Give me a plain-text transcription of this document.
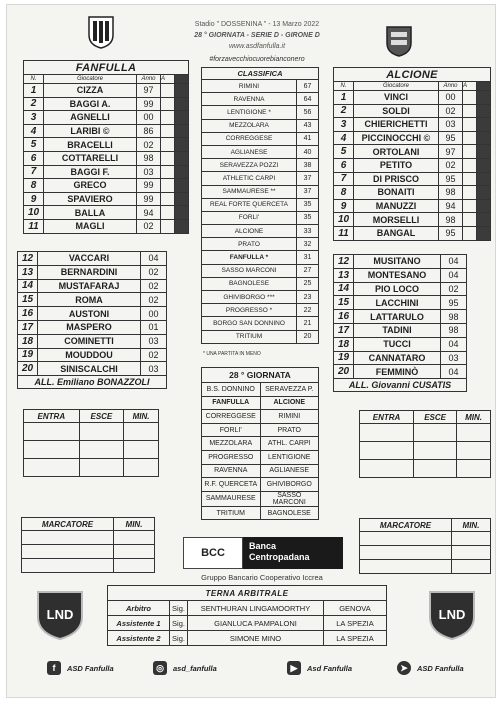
Stadio " DOSSENINA " - 13 Marzo 2022
28 ° GIORNATA - SERIE D - GIRONE D
www.asdfanfulla.it
#forzavecchiocuorebianconero
FANFULLA				
N.	Giocatore	Anno	A	
1	CIZZA	97		
2	BAGGI A.	99		
3	AGNELLI	00		
4	LARIBI ©	86		
5	BRACELLI	02		
6	COTTARELLI	98		
7	BAGGI F.	03		
8	GRECO	99		
9	SPAVIERO	99		
10	BALLA	94		
11	MAGLI	02		
ALCIONE				
N.	Giocatore	Anno	A	
1	VINCI	00		
2	SOLDI	02		
3	CHIERICHETTI	03		
4	PICCINOCCHI ©	95		
5	ORTOLANI	97		
6	PETITO	02		
7	DI PRISCO	95		
8	BONAITI	98		
9	MANUZZI	94		
10	MORSELLI	98		
11	BANGAL	95		
12	VACCARI	04
13	BERNARDINI	02
14	MUSTAFARAJ	02
15	ROMA	02
16	AUSTONI	00
17	MASPERO	01
18	COMINETTI	03
19	MOUDDOU	02
20	SINISCALCHI	03
ALL. Emiliano BONAZZOLI		
12	MUSITANO	04
13	MONTESANO	04
14	PIO LOCO	02
15	LACCHINI	95
16	LATTARULO	98
17	TADINI	98
18	TUCCI	04
19	CANNATARO	03
20	FEMMINÒ	04
ALL. Giovanni CUSATIS		
CLASSIFICA	
RIMINI	67
RAVENNA	64
LENTIGIONE *	56
MEZZOLARA	43
CORREGGESE	41
AGLIANESE	40
SERAVEZZA POZZI	38
ATHLETIC CARPI	37
SAMMAURESE **	37
REAL FORTE QUERCETA	35
FORLI'	35
ALCIONE	33
PRATO	32
FANFULLA *	31
SASSO MARCONI	27
BAGNOLESE	25
GHIVIBORGO ***	23
PROGRESSO *	22
BORGO SAN DONNINO	21
TRITIUM	20
* UNA PARTITA IN MENO
28 ° GIORNATA	
B.S. DONNINO	SERAVEZZA P.
FANFULLA	ALCIONE
CORREGGESE	RIMINI
FORLI'	PRATO
MEZZOLARA	ATHL. CARPI
PROGRESSO	LENTIGIONE
RAVENNA	AGLIANESE
R.F. QUERCETA	GHIVIBORGO
SAMMAURESE	SASSO MARCONI
TRITIUM	BAGNOLESE
ENTRA	ESCE	MIN.

			ENTRA	ESCE	MIN.

MARCATORE	MIN.

		MARCATORE	MIN.

BCC
Banca
Centropadana
Gruppo Bancario Cooperativo Iccrea
TERNA ARBITRALE			
Arbitro	Sig.	SENTHURAN LINGAMOORTHY	GENOVA
Assistente 1	Sig.	GIANLUCA PAMPALONI	LA SPEZIA
Assistente 2	Sig.	SIMONE MINO	LA SPEZIA
LND	LND
f	ASD Fanfulla	◎	asd_fanfulla	▶	Asd Fanfulla	➤	ASD Fanfulla
